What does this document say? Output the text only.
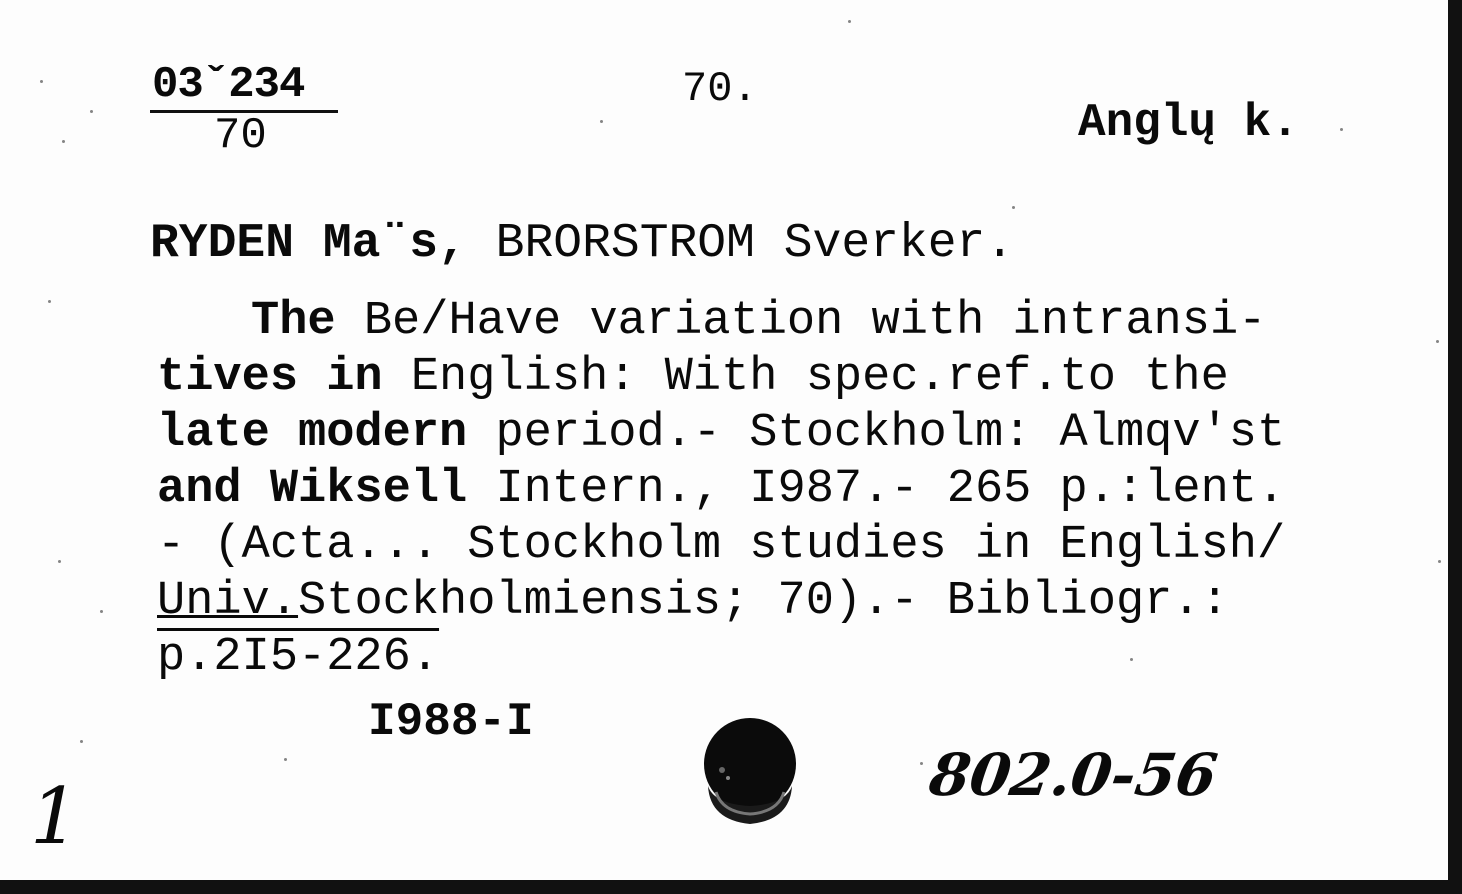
03ˇ234
70
70.
Anglų k.
RYDEN Ma¨s, BRORSTROM Sverker.
The Be/Have variation with intransi-
tives in English: With spec.ref.to the
late modern period.- Stockholm: Almqv'st
and Wiksell Intern., I987.- 265 p.:lent.
- (Acta... Stockholm studies in English/
Univ.Stockholmiensis; 70).- Bibliogr.:
p.2I5-226.
I988-I
802.0-56
1
